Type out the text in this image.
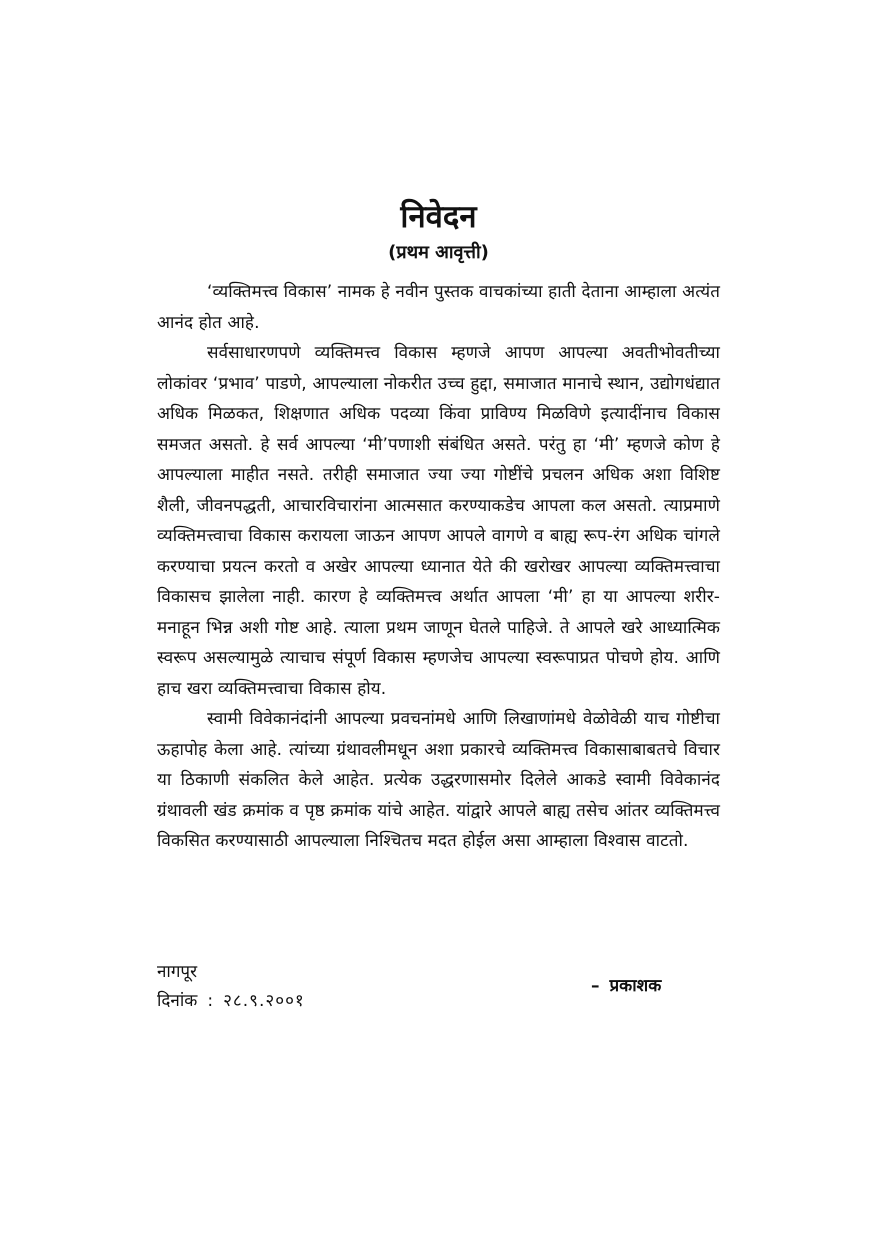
निवेदन
(प्रथम आवृत्ती)

‘व्यक्तिमत्त्व विकास’ नामक हे नवीन पुस्तक वाचकांच्या हाती देताना आम्हाला अत्यंत आनंद होत आहे.

सर्वसाधारणपणे व्यक्तिमत्त्व विकास म्हणजे आपण आपल्या अवतीभोवतीच्या लोकांवर ‘प्रभाव’ पाडणे, आपल्याला नोकरीत उच्च हुद्दा, समाजात मानाचे स्थान, उद्योगधंद्यात अधिक मिळकत, शिक्षणात अधिक पदव्या किंवा प्राविण्य मिळविणे इत्यादींनाच विकास समजत असतो. हे सर्व आपल्या ‘मी’पणाशी संबंधित असते. परंतु हा ‘मी’ म्हणजे कोण हे आपल्याला माहीत नसते. तरीही समाजात ज्या ज्या गोष्टींचे प्रचलन अधिक अशा विशिष्ट शैली, जीवनपद्धती, आचारविचारांना आत्मसात करण्याकडेच आपला कल असतो. त्याप्रमाणे व्यक्तिमत्त्वाचा विकास करायला जाऊन आपण आपले वागणे व बाह्य रूप-रंग अधिक चांगले करण्याचा प्रयत्न करतो व अखेर आपल्या ध्यानात येते की खरोखर आपल्या व्यक्तिमत्त्वाचा विकासच झालेला नाही. कारण हे व्यक्तिमत्त्व अर्थात आपला ‘मी’ हा या आपल्या शरीर-मनाहून भिन्न अशी गोष्ट आहे. त्याला प्रथम जाणून घेतले पाहिजे. ते आपले खरे आध्यात्मिक स्वरूप असल्यामुळे त्याचाच संपूर्ण विकास म्हणजेच आपल्या स्वरूपाप्रत पोचणे होय. आणि हाच खरा व्यक्तिमत्त्वाचा विकास होय.

स्वामी विवेकानंदांनी आपल्या प्रवचनांमधे आणि लिखाणांमधे वेळोवेळी याच गोष्टीचा ऊहापोह केला आहे. त्यांच्या ग्रंथावलीमधून अशा प्रकारचे व्यक्तिमत्त्व विकासाबाबतचे विचार या ठिकाणी संकलित केले आहेत. प्रत्येक उद्धरणासमोर दिलेले आकडे स्वामी विवेकानंद ग्रंथावली खंड क्रमांक व पृष्ठ क्रमांक यांचे आहेत. यांद्वारे आपले बाह्य तसेच आंतर व्यक्तिमत्त्व विकसित करण्यासाठी आपल्याला निश्चितच मदत होईल असा आम्हाला विश्वास वाटतो.

नागपूर
दिनांक : २८.९.२००१
– प्रकाशक
